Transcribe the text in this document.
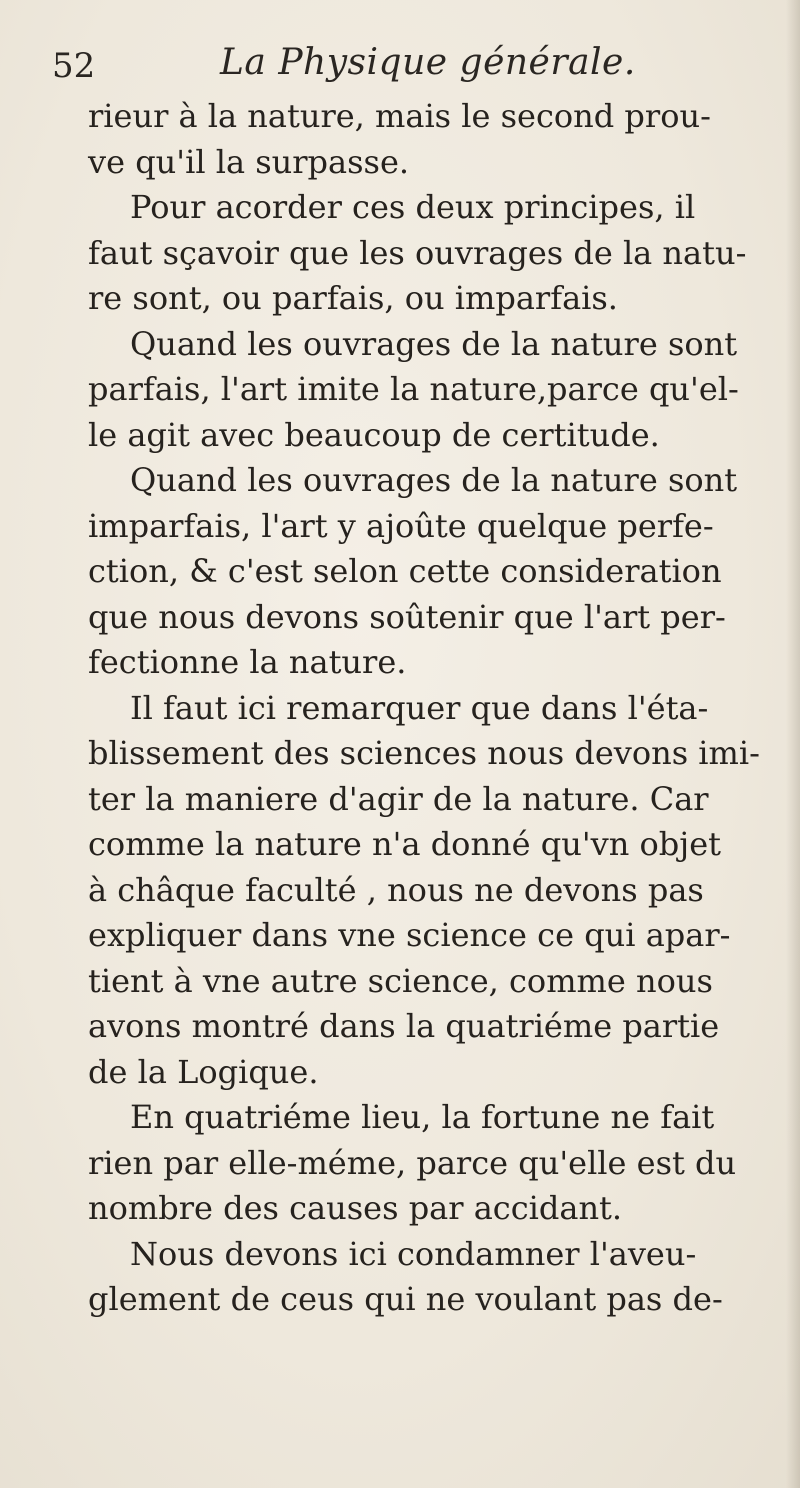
52	La Physique générale.
rieur à la nature, mais le second prou-
ve qu'il la surpasse.
Pour acorder ces deux principes, il
faut sçavoir que les ouvrages de la natu-
re sont, ou parfais, ou imparfais.
Quand les ouvrages de la nature sont
parfais, l'art imite la nature,parce qu'el-
le agit avec beaucoup de certitude.
Quand les ouvrages de la nature sont
imparfais, l'art y ajoûte quelque perfe-
ction, & c'est selon cette consideration
que nous devons soûtenir que l'art per-
fectionne la nature.
Il faut ici remarquer que dans l'éta-
blissement des sciences nous devons imi-
ter la maniere d'agir de la nature. Car
comme la nature n'a donné qu'vn objet
à châque faculté , nous ne devons pas
expliquer dans vne science ce qui apar-
tient à vne autre science, comme nous
avons montré dans la quatriéme partie
de la Logique.
En quatriéme lieu, la fortune ne fait
rien par elle-méme, parce qu'elle est du
nombre des causes par accidant.
Nous devons ici condamner l'aveu-
glement de ceus qui ne voulant pas de-
